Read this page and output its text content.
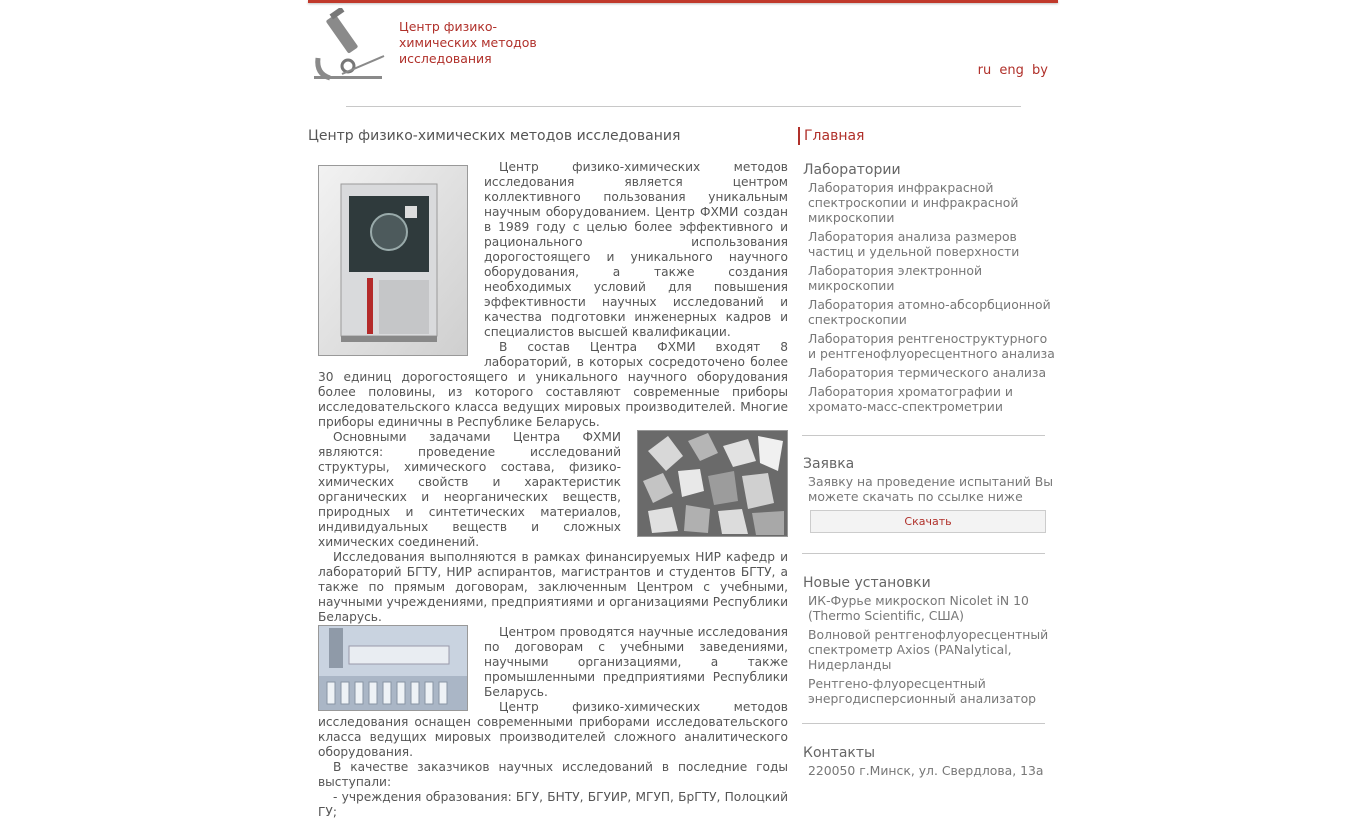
Центр физико-химических методов исследования
ru eng by
Центр физико-химических методов исследования

Центр физико-химических методов исследования является центром коллективного пользования уникальным научным оборудованием. Центр ФХМИ создан в 1989 году с целью более эффективного и рационального использования дорогостоящего и уникального научного оборудования, а также создания необходимых условий для повышения эффективности научных исследований и качества подготовки инженерных кадров и специалистов высшей квалификации.

В состав Центра ФХМИ входят 8 лабораторий, в которых сосредоточено более 30 единиц дорогостоящего и уникального научного оборудования более половины, из которого составляют современные приборы исследовательского класса ведущих мировых производителей. Многие приборы единичны в Республике Беларусь.

Основными задачами Центра ФХМИ являются: проведение исследований структуры, химического состава, физико-химических свойств и характеристик органических и неорганических веществ, природных и синтетических материалов, индивидуальных веществ и сложных химических соединений.

Исследования выполняются в рамках финансируемых НИР кафедр и лабораторий БГТУ, НИР аспирантов, магистрантов и студентов БГТУ, а также по прямым договорам, заключенным Центром с учебными, научными учреждениями, предприятиями и организациями Республики Беларусь.

Центром проводятся научные исследования по договорам с учебными заведениями, научными организациями, а также промышленными предприятиями Республики Беларусь.

Центр физико-химических методов исследования оснащен современными приборами исследовательского класса ведущих мировых производителей сложного аналитического оборудования.

В качестве заказчиков научных исследований в последние годы выступали:

- учреждения образования: БГУ, БНТУ, БГУИР, МГУП, БрГТУ, Полоцкий ГУ;

Главная
Лаборатории
Лаборатория инфракрасной спектроскопии и инфракрасной микроскопии
Лаборатория анализа размеров частиц и удельной поверхности
Лаборатория электронной микроскопии
Лаборатория атомно-абсорбционной спектроскопии
Лаборатория рентгеноструктурного и рентгенофлуоресцентного анализа
Лаборатория термического анализа
Лаборатория хроматографии и хромато-масс-спектрометрии
Заявка
Заявку на проведение испытаний Вы можете скачать по ссылке ниже
Скачать
Новые установки
ИК-Фурье микроскоп Nicolet iN 10 (Thermo Scientific, США)
Волновой рентгенофлуоресцентный спектрометр Axios (PANalytical, Нидерланды
Рентгено-флуоресцентный энергодисперсионный анализатор
Контакты
220050 г.Минск, ул. Свердлова, 13а
